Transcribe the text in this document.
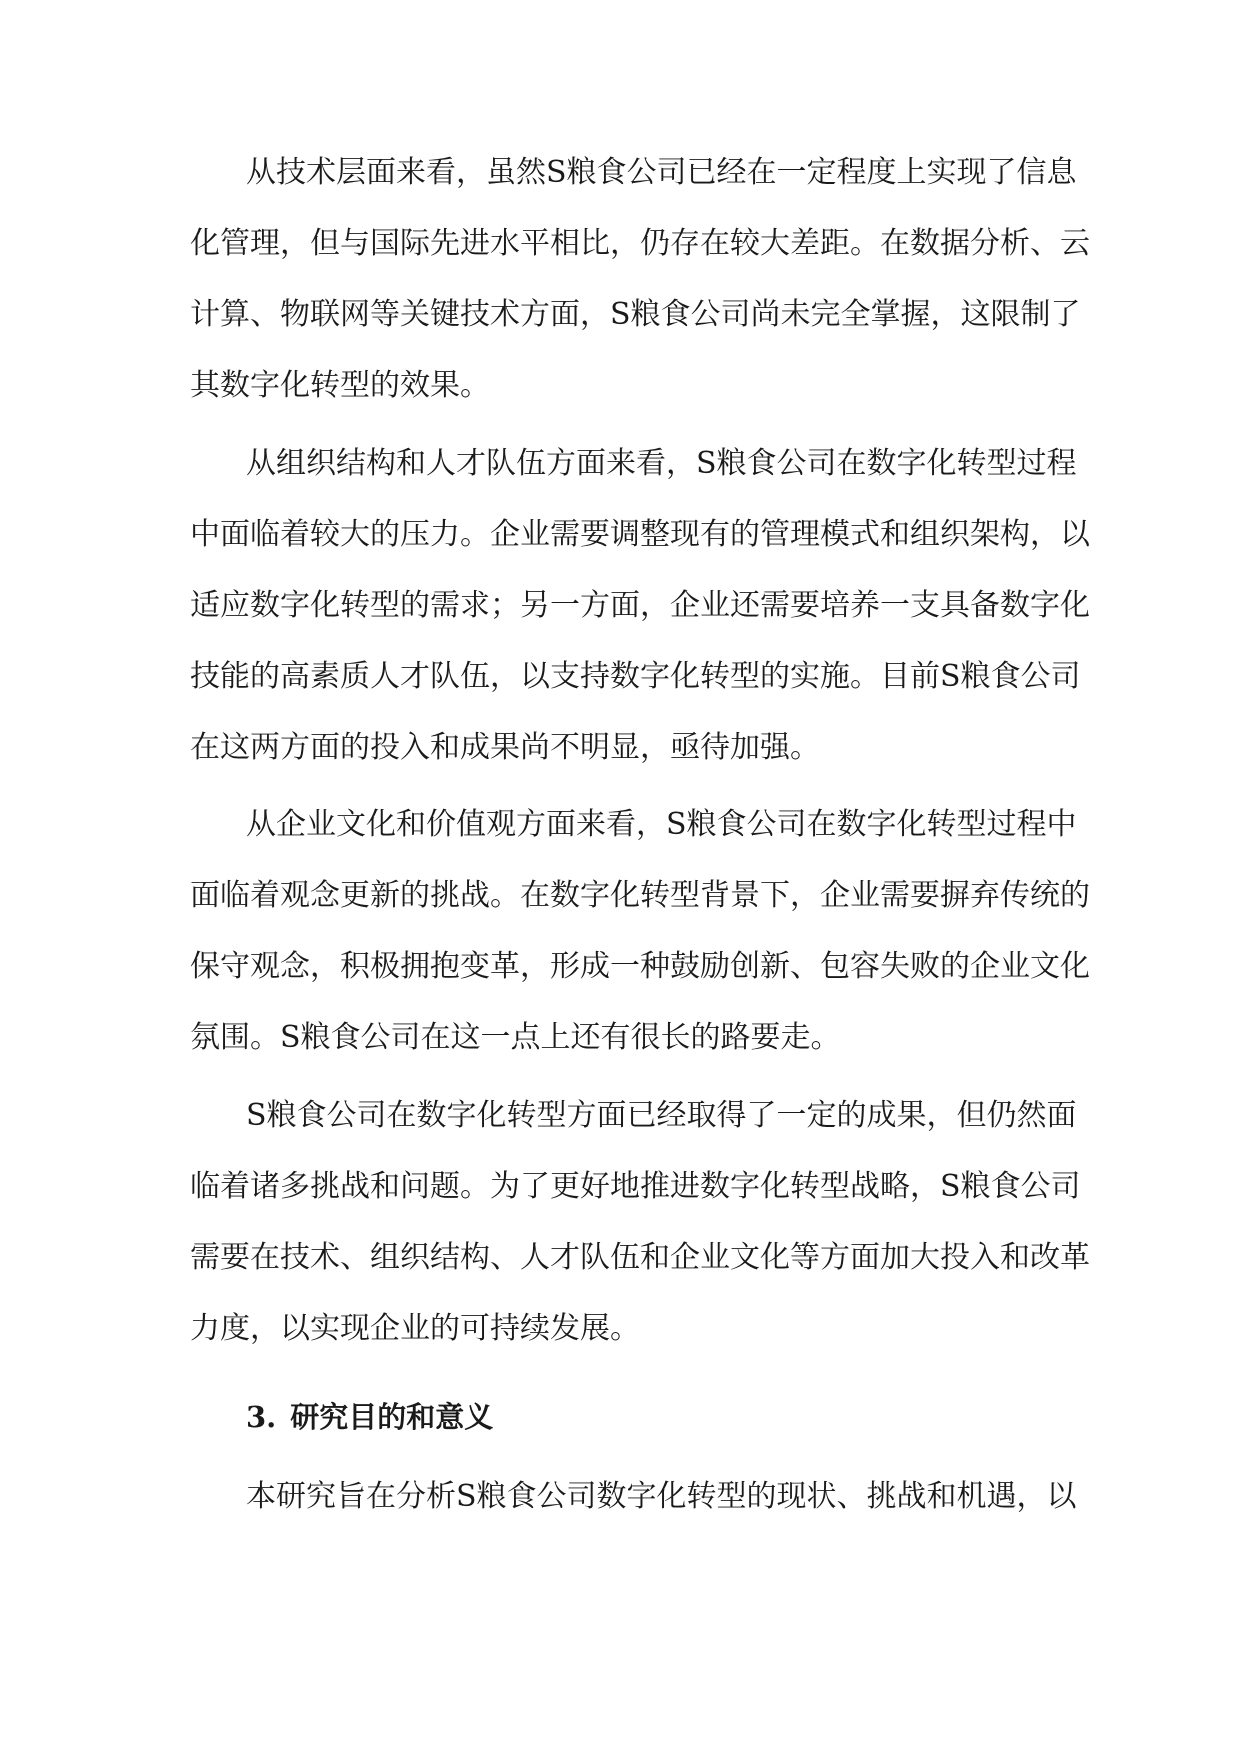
从技术层面来看，虽然S粮食公司已经在一定程度上实现了信息
化管理，但与国际先进水平相比，仍存在较大差距。在数据分析、云
计算、物联网等关键技术方面，S粮食公司尚未完全掌握，这限制了
其数字化转型的效果。
从组织结构和人才队伍方面来看，S粮食公司在数字化转型过程
中面临着较大的压力。企业需要调整现有的管理模式和组织架构，以
适应数字化转型的需求；另一方面，企业还需要培养一支具备数字化
技能的高素质人才队伍，以支持数字化转型的实施。目前S粮食公司
在这两方面的投入和成果尚不明显，亟待加强。
从企业文化和价值观方面来看，S粮食公司在数字化转型过程中
面临着观念更新的挑战。在数字化转型背景下，企业需要摒弃传统的
保守观念，积极拥抱变革，形成一种鼓励创新、包容失败的企业文化
氛围。S粮食公司在这一点上还有很长的路要走。
S粮食公司在数字化转型方面已经取得了一定的成果，但仍然面
临着诸多挑战和问题。为了更好地推进数字化转型战略，S粮食公司
需要在技术、组织结构、人才队伍和企业文化等方面加大投入和改革
力度，以实现企业的可持续发展。
3. 研究目的和意义
本研究旨在分析S粮食公司数字化转型的现状、挑战和机遇，以
